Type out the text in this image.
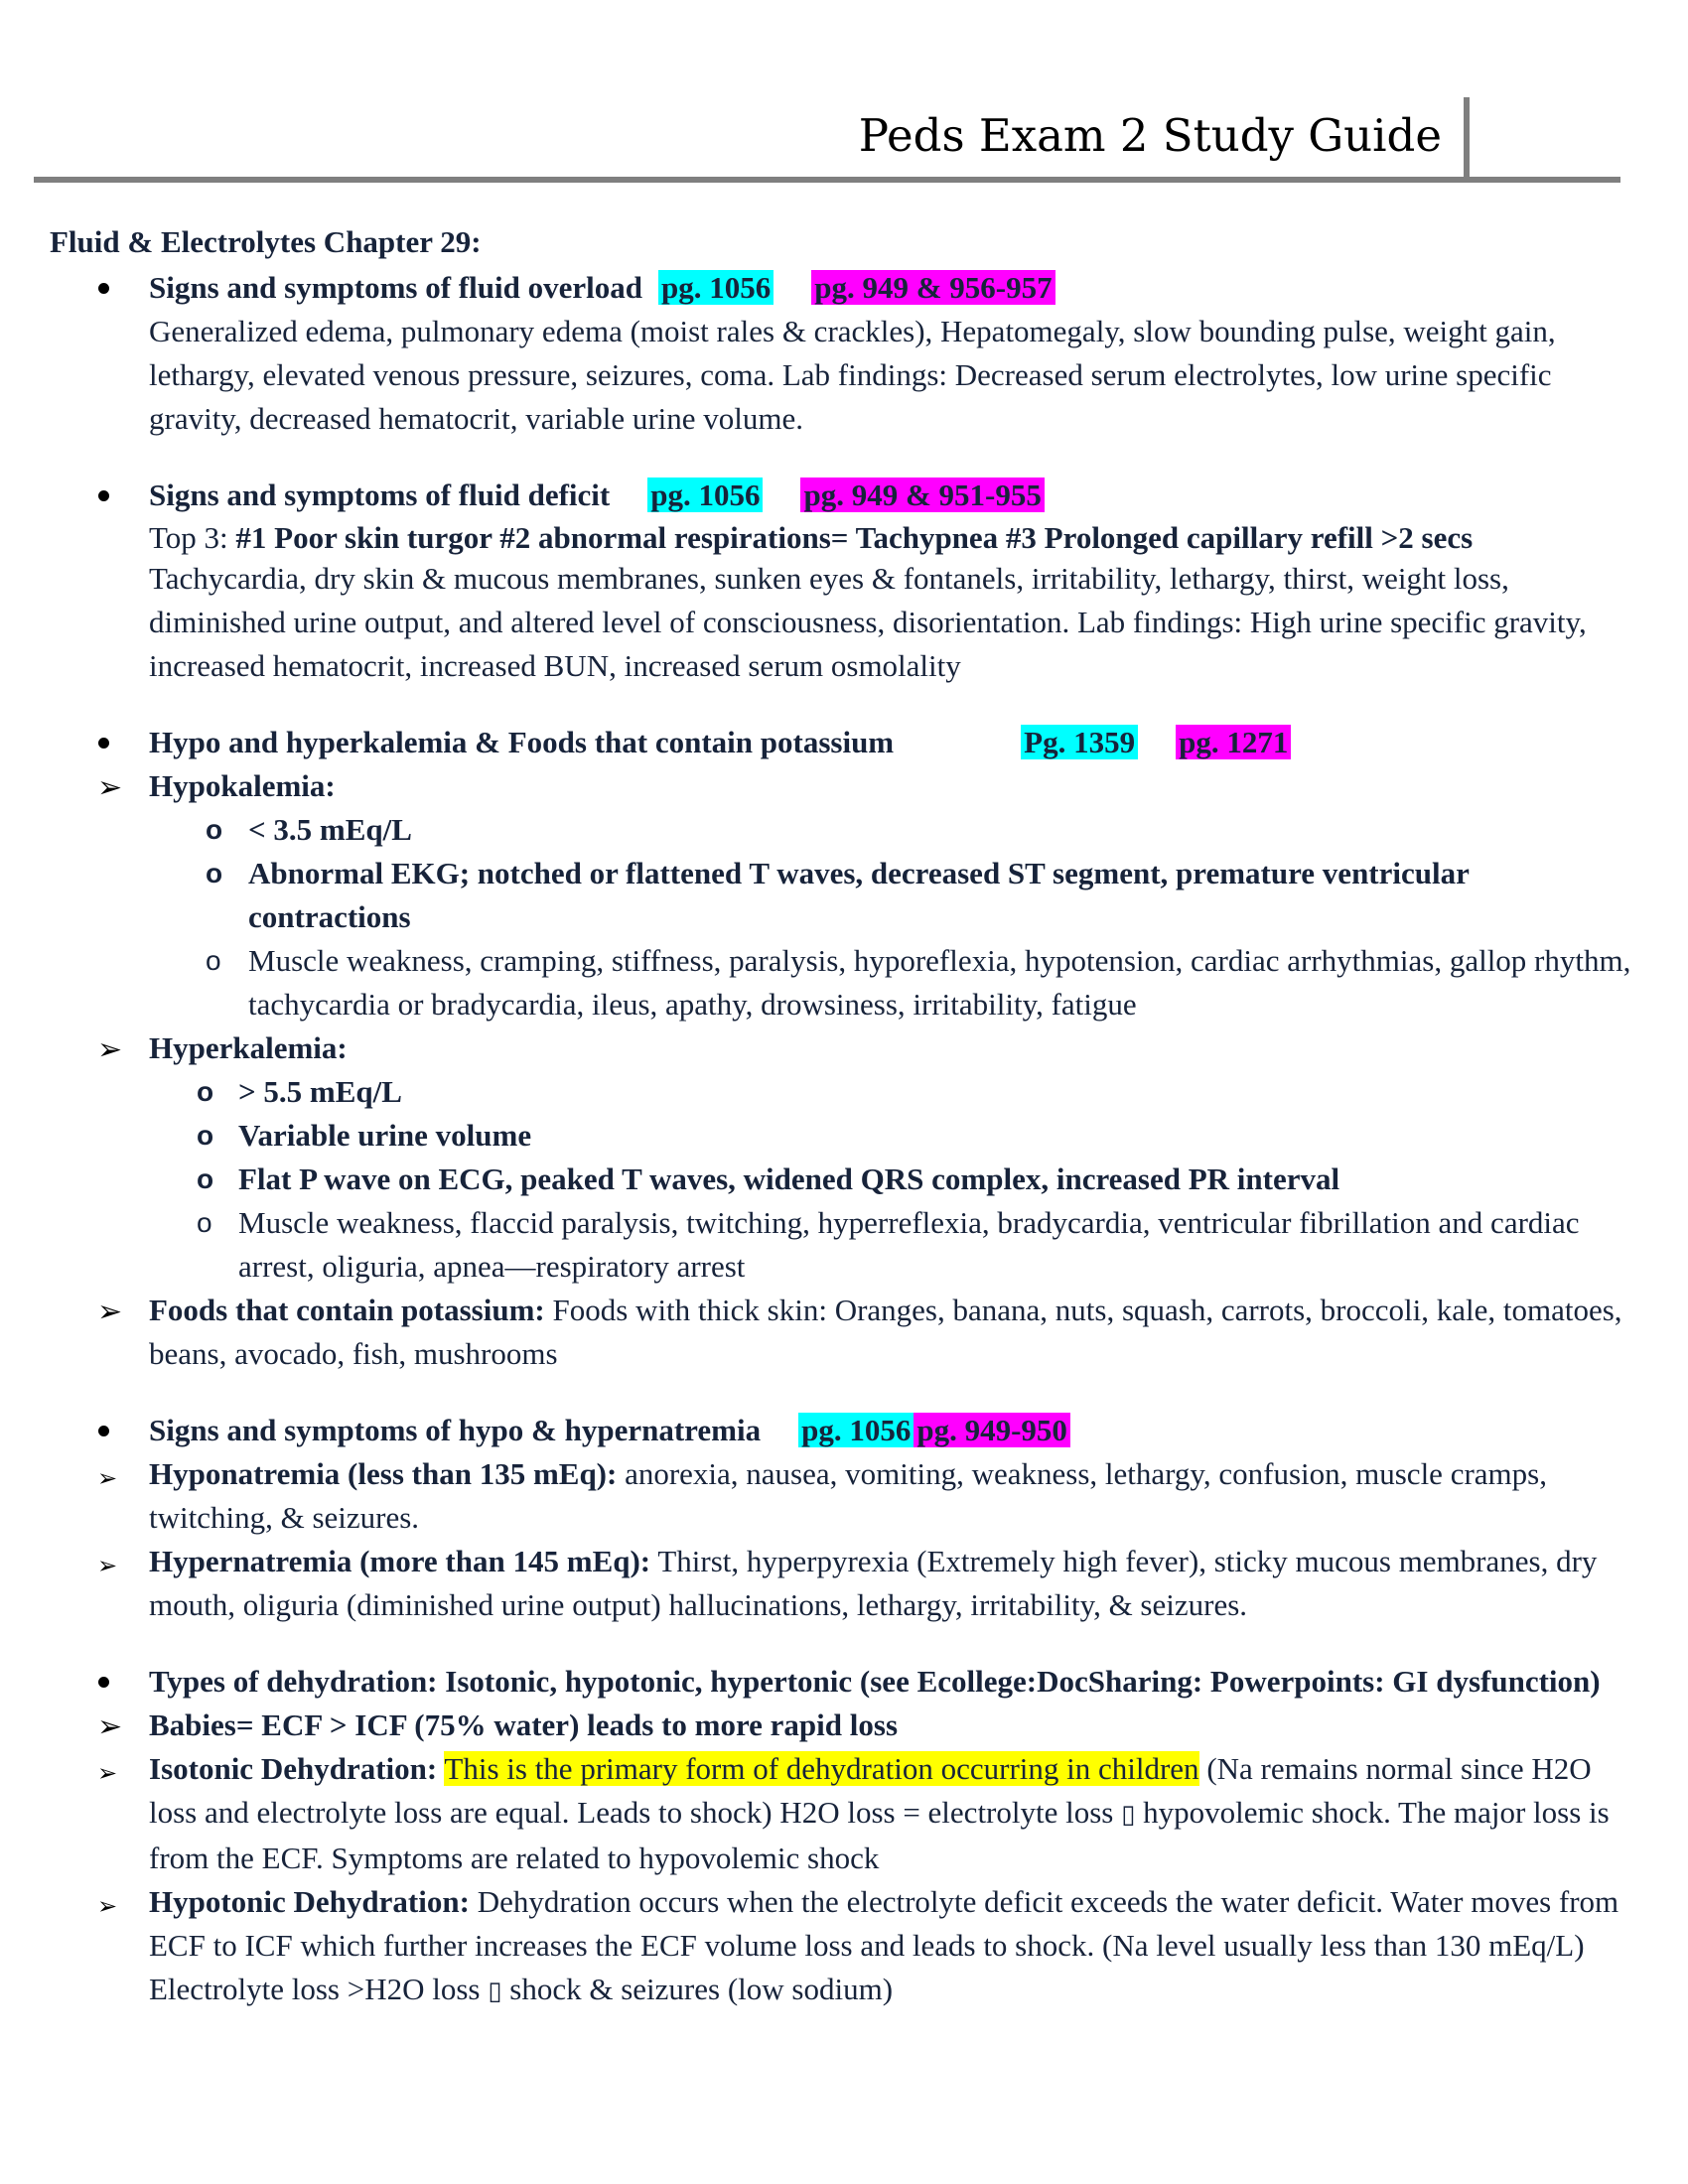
Peds Exam 2 Study Guide
Fluid & Electrolytes Chapter 29:
Signs and symptoms of fluid overload pg. 1056 pg. 949 & 956-957
Generalized edema, pulmonary edema (moist rales & crackles), Hepatomegaly, slow bounding pulse, weight gain, lethargy, elevated venous pressure, seizures, coma. Lab findings: Decreased serum electrolytes, low urine specific gravity, decreased hematocrit, variable urine volume.
Signs and symptoms of fluid deficit pg. 1056 pg. 949 & 951-955
Top 3: #1 Poor skin turgor #2 abnormal respirations= Tachypnea #3 Prolonged capillary refill >2 secs
Tachycardia, dry skin & mucous membranes, sunken eyes & fontanels, irritability, lethargy, thirst, weight loss, diminished urine output, and altered level of consciousness, disorientation. Lab findings: High urine specific gravity, increased hematocrit, increased BUN, increased serum osmolality
Hypo and hyperkalemia & Foods that contain potassium	Pg. 1359 pg. 1271
➢ Hypokalemia:
o < 3.5 mEq/L
o Abnormal EKG; notched or flattened T waves, decreased ST segment, premature ventricular contractions
o Muscle weakness, cramping, stiffness, paralysis, hyporeflexia, hypotension, cardiac arrhythmias, gallop rhythm, tachycardia or bradycardia, ileus, apathy, drowsiness, irritability, fatigue
➢ Hyperkalemia:
o > 5.5 mEq/L
o Variable urine volume
o Flat P wave on ECG, peaked T waves, widened QRS complex, increased PR interval
o Muscle weakness, flaccid paralysis, twitching, hyperreflexia, bradycardia, ventricular fibrillation and cardiac arrest, oliguria, apnea—respiratory arrest
➢ Foods that contain potassium: Foods with thick skin: Oranges, banana, nuts, squash, carrots, broccoli, kale, tomatoes, beans, avocado, fish, mushrooms
Signs and symptoms of hypo & hypernatremia pg. 1056 pg. 949-950
➢ Hyponatremia (less than 135 mEq): anorexia, nausea, vomiting, weakness, lethargy, confusion, muscle cramps, twitching, & seizures.
➢ Hypernatremia (more than 145 mEq): Thirst, hyperpyrexia (Extremely high fever), sticky mucous membranes, dry mouth, oliguria (diminished urine output) hallucinations, lethargy, irritability, & seizures.
Types of dehydration: Isotonic, hypotonic, hypertonic (see Ecollege:DocSharing: Powerpoints: GI dysfunction)
➢ Babies= ECF > ICF (75% water) leads to more rapid loss
➢ Isotonic Dehydration: This is the primary form of dehydration occurring in children (Na remains normal since H2O loss and electrolyte loss are equal. Leads to shock) H2O loss = electrolyte loss ▯ hypovolemic shock. The major loss is from the ECF. Symptoms are related to hypovolemic shock
➢ Hypotonic Dehydration: Dehydration occurs when the electrolyte deficit exceeds the water deficit. Water moves from ECF to ICF which further increases the ECF volume loss and leads to shock. (Na level usually less than 130 mEq/L) Electrolyte loss >H2O loss ▯ shock & seizures (low sodium)
